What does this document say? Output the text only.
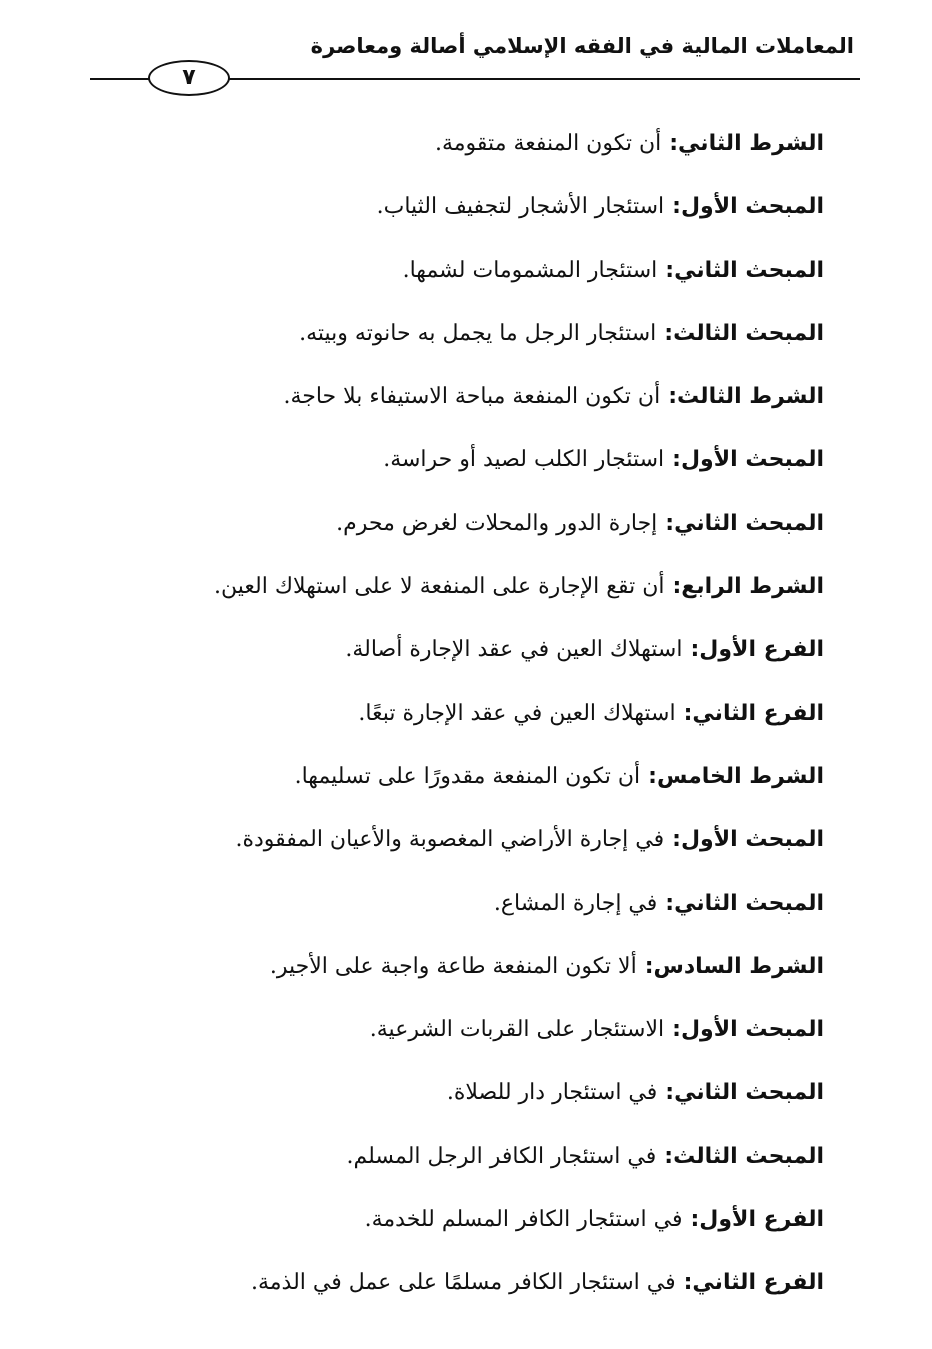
المعاملات المالية في الفقه الإسلامي أصالة ومعاصرة
٧
الشرط الثاني:أن تكون المنفعة متقومة.
المبحث الأول:استئجار الأشجار لتجفيف الثياب.
المبحث الثاني:استئجار المشمومات لشمها.
المبحث الثالث:استئجار الرجل ما يجمل به حانوته وبيته.
الشرط الثالث:أن تكون المنفعة مباحة الاستيفاء بلا حاجة.
المبحث الأول:استئجار الكلب لصيد أو حراسة.
المبحث الثاني:إجارة الدور والمحلات لغرض محرم.
الشرط الرابع:أن تقع الإجارة على المنفعة لا على استهلاك العين.
الفرع الأول:استهلاك العين في عقد الإجارة أصالة.
الفرع الثاني:استهلاك العين في عقد الإجارة تبعًا.
الشرط الخامس:أن تكون المنفعة مقدورًا على تسليمها.
المبحث الأول:في إجارة الأراضي المغصوبة والأعيان المفقودة.
المبحث الثاني:في إجارة المشاع.
الشرط السادس:ألا تكون المنفعة طاعة واجبة على الأجير.
المبحث الأول:الاستئجار على القربات الشرعية.
المبحث الثاني:في استئجار دار للصلاة.
المبحث الثالث:في استئجار الكافر الرجل المسلم.
الفرع الأول:في استئجار الكافر المسلم للخدمة.
الفرع الثاني:في استئجار الكافر مسلمًا على عمل في الذمة.
